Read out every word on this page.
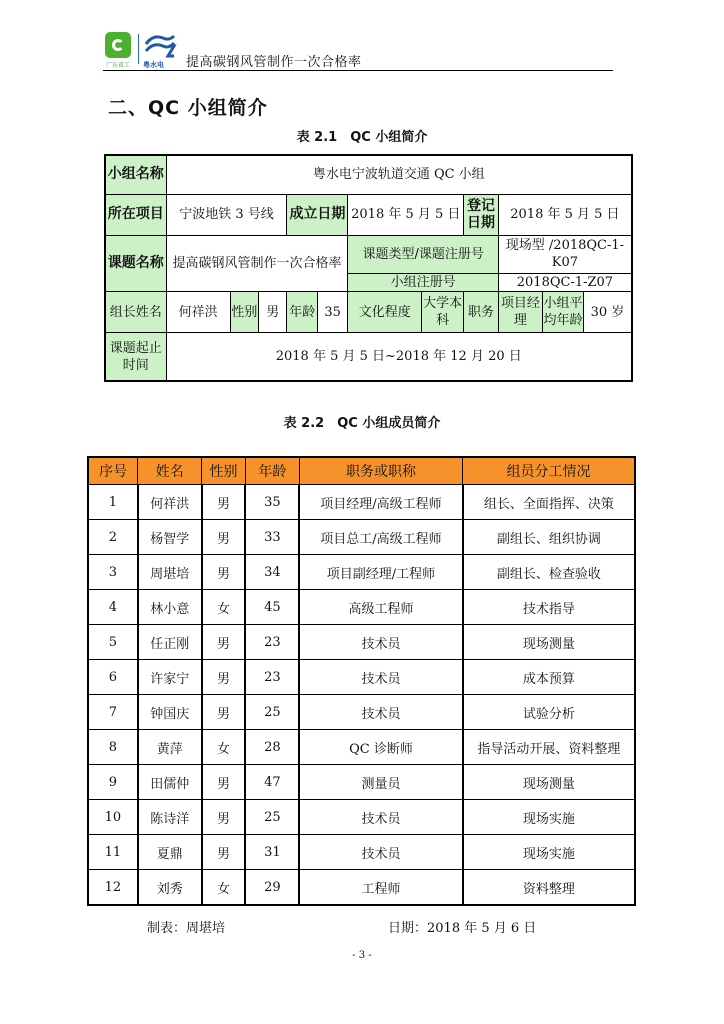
广东省工	粤水电 提高碳钢风管制作一次合格率
二、QC 小组简介
表 2.1　QC 小组简介
小组名称	粤水电宁波轨道交通 QC 小组										
所在项目	宁波地铁 3 号线			成立日期		2018 年 5 月 5 日		登记日期	2018 年 5 月 5 日		
课题名称	提高碳钢风管制作一次合格率					课题类型/课题注册号			现场型 /2018QC-1-K07		
						小组注册号			2018QC-1-Z07		
组长姓名	何祥洪	性别	男	年龄	35	文化程度	大学本科	职务	项目经理	小组平均年龄	30 岁
课题起止时间	2018 年 5 月 5 日~2018 年 12 月 20 日										
表 2.2　QC 小组成员简介
序号	姓名	性别	年龄	职务或职称	组员分工情况
1	何祥洪	男	35	项目经理/高级工程师	组长、全面指挥、决策
2	杨智学	男	33	项目总工/高级工程师	副组长、组织协调
3	周堪培	男	34	项目副经理/工程师	副组长、检查验收
4	林小意	女	45	高级工程师	技术指导
5	任正刚	男	23	技术员	现场测量
6	许家宁	男	23	技术员	成本预算
7	钟国庆	男	25	技术员	试验分析
8	黄萍	女	28	QC 诊断师	指导活动开展、资料整理
9	田儒仲	男	47	测量员	现场测量
10	陈诗洋	男	25	技术员	现场实施
11	夏鼎	男	31	技术员	现场实施
12	刘秀	女	29	工程师	资料整理
制表：周堪培	日期：2018 年 5 月 6 日
- 3 -
